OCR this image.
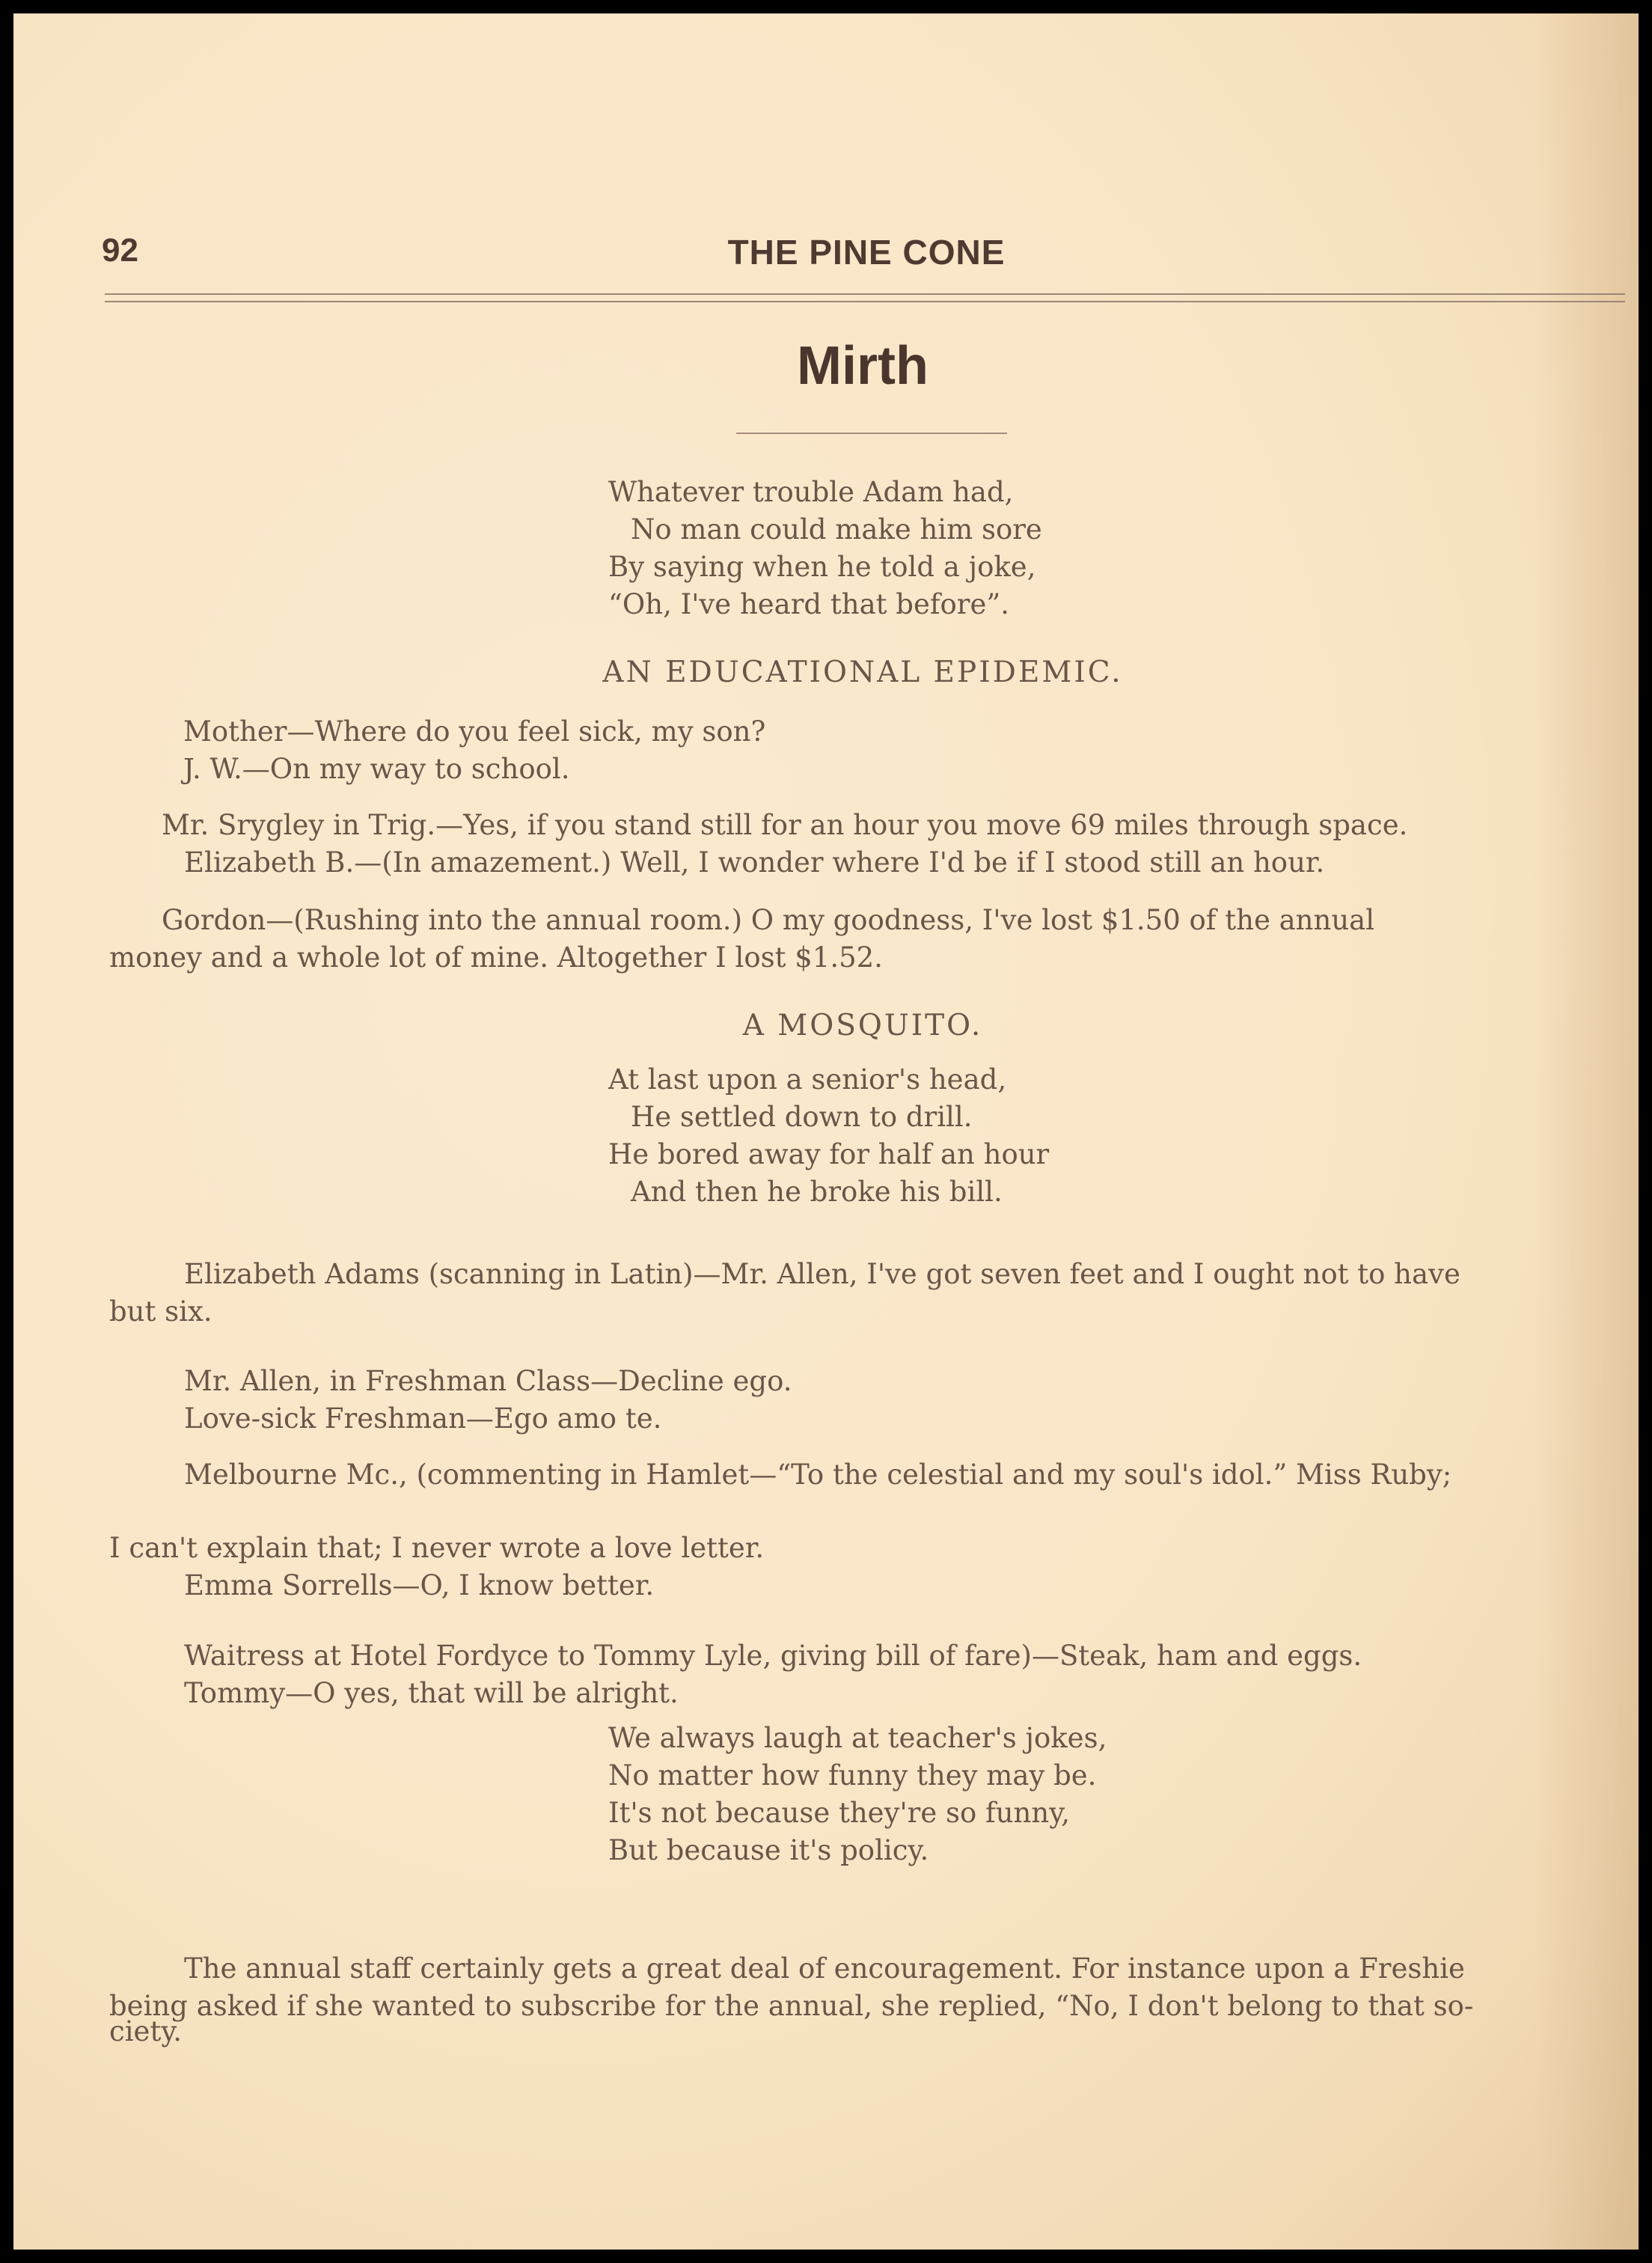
92	THE PINE CONE
Mirth
Whatever trouble Adam had,
No man could make him sore
By saying when he told a joke,
“Oh, I've heard that before”.
AN EDUCATIONAL EPIDEMIC.
Mother—Where do you feel sick, my son?
J. W.—On my way to school.
Mr. Srygley in Trig.—Yes, if you stand still for an hour you move 69 miles through space.
Elizabeth B.—(In amazement.) Well, I wonder where I'd be if I stood still an hour.
Gordon—(Rushing into the annual room.) O my goodness, I've lost $1.50 of the annual
money and a whole lot of mine. Altogether I lost $1.52.
A MOSQUITO.
At last upon a senior's head,
He settled down to drill.
He bored away for half an hour
And then he broke his bill.
Elizabeth Adams (scanning in Latin)—Mr. Allen, I've got seven feet and I ought not to have
but six.
Mr. Allen, in Freshman Class—Decline ego.
Love-sick Freshman—Ego amo te.
Melbourne Mc., (commenting in Hamlet—“To the celestial and my soul's idol.” Miss Ruby;
I can't explain that; I never wrote a love letter.
Emma Sorrells—O, I know better.
Waitress at Hotel Fordyce to Tommy Lyle, giving bill of fare)—Steak, ham and eggs.
Tommy—O yes, that will be alright.
We always laugh at teacher's jokes,
No matter how funny they may be.
It's not because they're so funny,
But because it's policy.
The annual staff certainly gets a great deal of encouragement. For instance upon a Freshie
being asked if she wanted to subscribe for the annual, she replied, “No, I don't belong to that so-
ciety.
